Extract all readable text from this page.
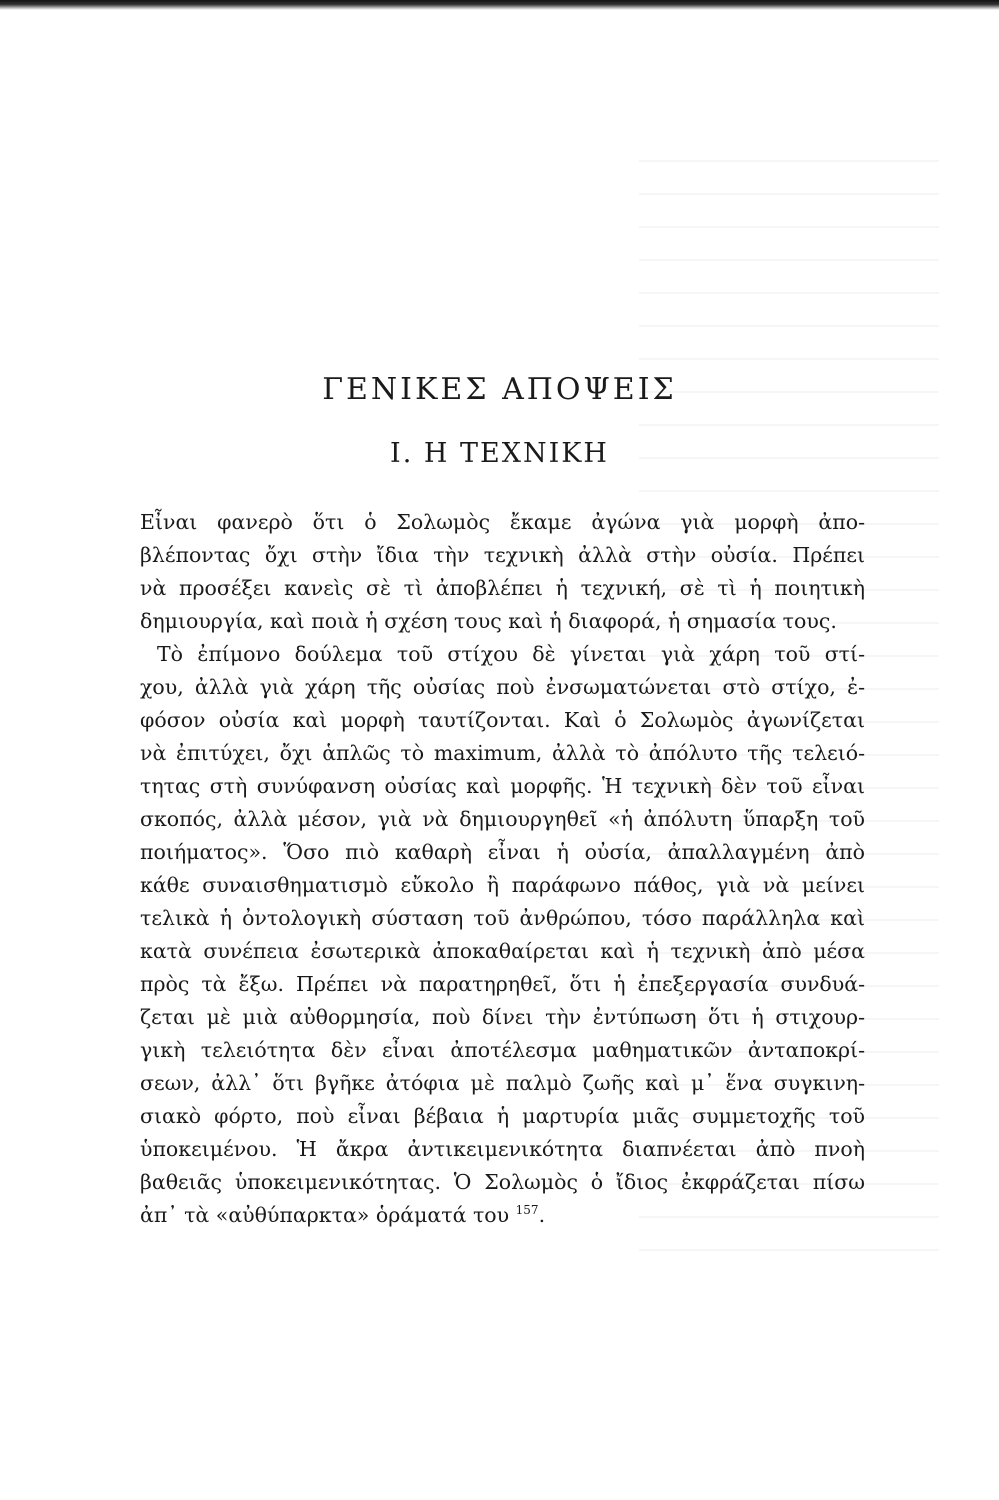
ΓΕΝΙΚΕΣ ΑΠΟΨΕΙΣ
I. Η ΤΕΧΝΙΚΗ
Εἶναι φανερὸ ὅτι ὁ Σολωμὸς ἔκαμε ἀγώνα γιὰ μορφὴ ἀπο-
βλέποντας ὄχι στὴν ἴδια τὴν τεχνικὴ ἀλλὰ στὴν οὐσία. Πρέπει
νὰ προσέξει κανεὶς σὲ τὶ ἀποβλέπει ἡ τεχνική, σὲ τὶ ἡ ποιητικὴ
δημιουργία, καὶ ποιὰ ἡ σχέση τους καὶ ἡ διαφορά, ἡ σημασία τους.
Τὸ ἐπίμονο δούλεμα τοῦ στίχου δὲ γίνεται γιὰ χάρη τοῦ στί-
χου, ἀλλὰ γιὰ χάρη τῆς οὐσίας ποὺ ἐνσωματώνεται στὸ στίχο, ἐ-
φόσον οὐσία καὶ μορφὴ ταυτίζονται. Καὶ ὁ Σολωμὸς ἀγωνίζεται
νὰ ἐπιτύχει, ὄχι ἁπλῶς τὸ maximum, ἀλλὰ τὸ ἀπόλυτο τῆς τελειό-
τητας στὴ συνύφανση οὐσίας καὶ μορφῆς. Ἡ τεχνικὴ δὲν τοῦ εἶναι
σκοπός, ἀλλὰ μέσον, γιὰ νὰ δημιουργηθεῖ «ἡ ἀπόλυτη ὕπαρξη τοῦ
ποιήματος». Ὅσο πιὸ καθαρὴ εἶναι ἡ οὐσία, ἀπαλλαγμένη ἀπὸ
κάθε συναισθηματισμὸ εὔκολο ἢ παράφωνο πάθος, γιὰ νὰ μείνει
τελικὰ ἡ ὀντολογικὴ σύσταση τοῦ ἀνθρώπου, τόσο παράλληλα καὶ
κατὰ συνέπεια ἐσωτερικὰ ἀποκαθαίρεται καὶ ἡ τεχνικὴ ἀπὸ μέσα
πρὸς τὰ ἔξω. Πρέπει νὰ παρατηρηθεῖ, ὅτι ἡ ἐπεξεργασία συνδυά-
ζεται μὲ μιὰ αὐθορμησία, ποὺ δίνει τὴν ἐντύπωση ὅτι ἡ στιχουρ-
γικὴ τελειότητα δὲν εἶναι ἀποτέλεσμα μαθηματικῶν ἀνταποκρί-
σεων, ἀλλ᾽ ὅτι βγῆκε ἀτόφια μὲ παλμὸ ζωῆς καὶ μ᾽ ἕνα συγκινη-
σιακὸ φόρτο, ποὺ εἶναι βέβαια ἡ μαρτυρία μιᾶς συμμετοχῆς τοῦ
ὑποκειμένου. Ἡ ἄκρα ἀντικειμενικότητα διαπνέεται ἀπὸ πνοὴ
βαθειᾶς ὑποκειμενικότητας. Ὁ Σολωμὸς ὁ ἴδιος ἐκφράζεται πίσω
ἀπ᾽ τὰ «αὐθύπαρκτα» ὁράματά του $^{157}$.
